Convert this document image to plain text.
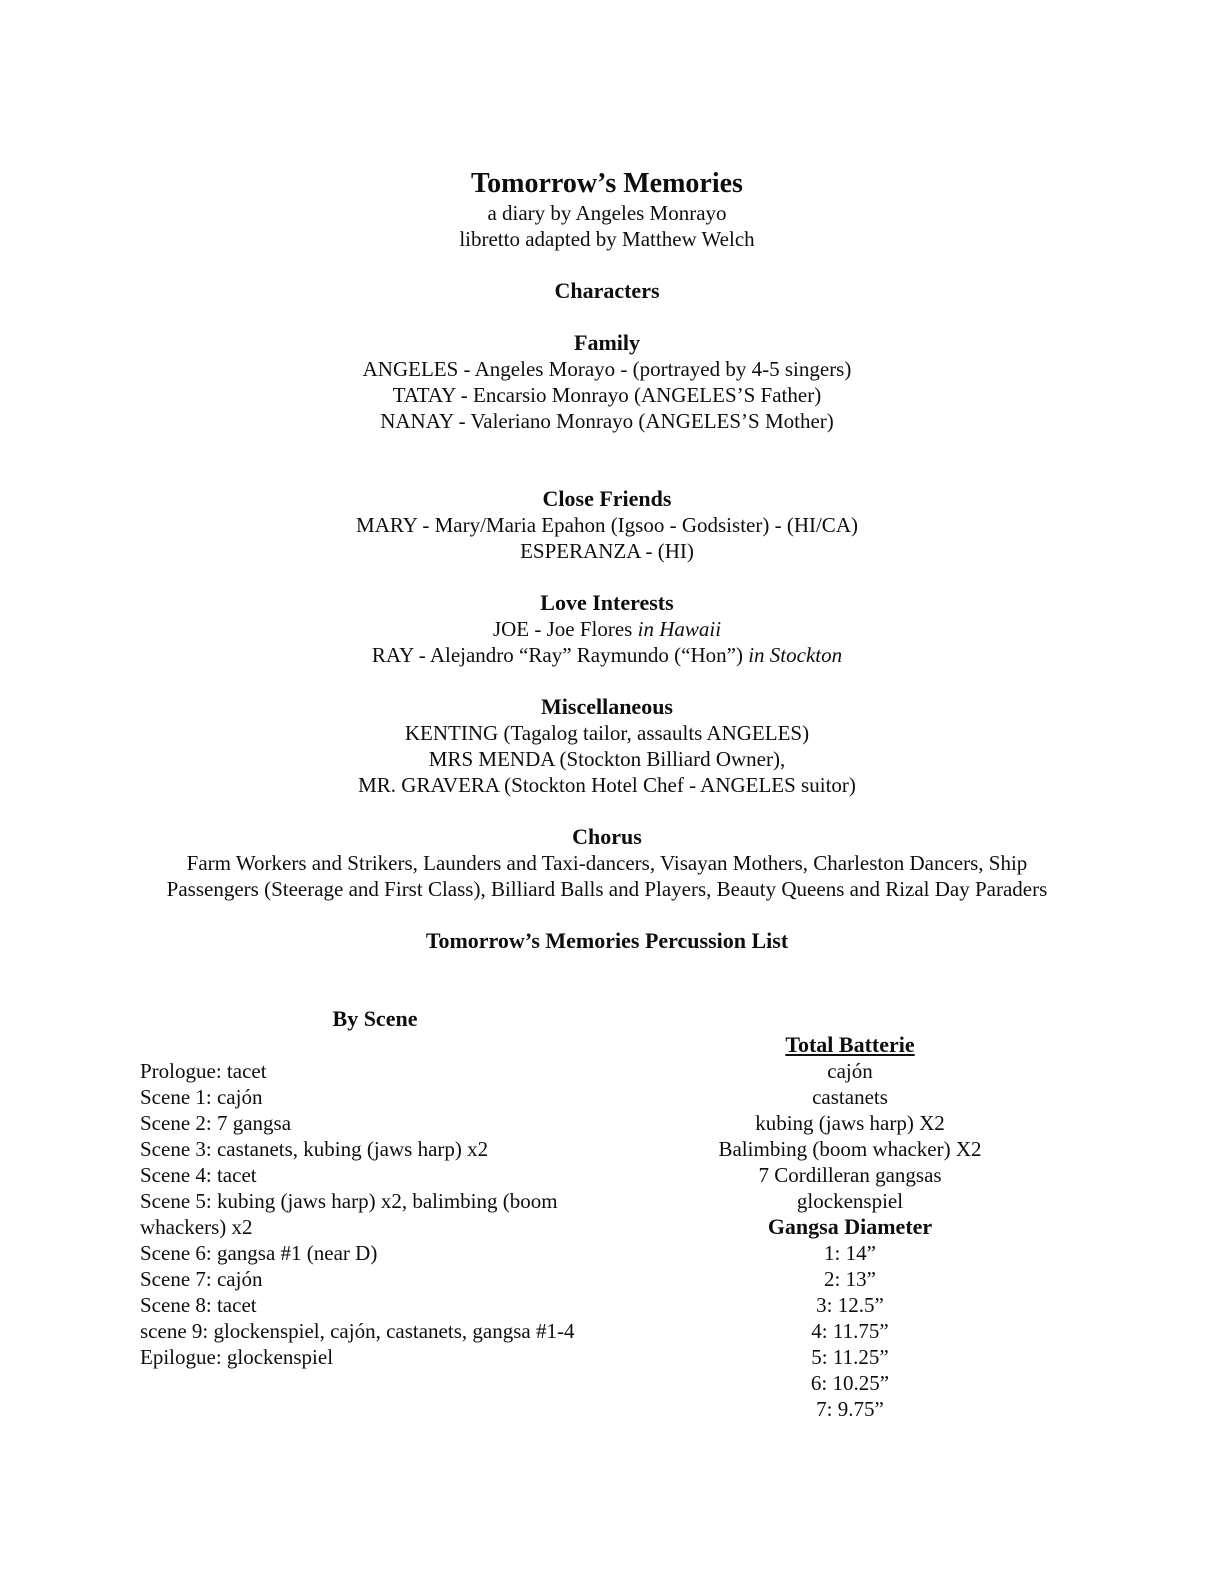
Tomorrow’s Memories
a diary by Angeles Monrayo
libretto adapted by Matthew Welch
Characters
Family
ANGELES - Angeles Morayo - (portrayed by 4-5 singers)
TATAY - Encarsio Monrayo (ANGELES’S Father)
NANAY - Valeriano Monrayo (ANGELES’S Mother)
Close Friends
MARY - Mary/Maria Epahon (Igsoo - Godsister) - (HI/CA)
ESPERANZA - (HI)
Love Interests
JOE - Joe Flores in Hawaii
RAY - Alejandro “Ray” Raymundo (“Hon”) in Stockton
Miscellaneous
KENTING (Tagalog tailor, assaults ANGELES)
MRS MENDA (Stockton Billiard Owner),
MR. GRAVERA (Stockton Hotel Chef - ANGELES suitor)
Chorus
Farm Workers and Strikers, Launders and Taxi-dancers, Visayan Mothers, Charleston Dancers, Ship
Passengers (Steerage and First Class), Billiard Balls and Players, Beauty Queens and Rizal Day Paraders
Tomorrow’s Memories Percussion List
By Scene
Prologue: tacet
Scene 1: cajón
Scene 2: 7 gangsa
Scene 3: castanets, kubing (jaws harp) x2
Scene 4: tacet
Scene 5: kubing (jaws harp) x2, balimbing (boom whackers) x2
Scene 6: gangsa #1 (near D)
Scene 7: cajón
Scene 8: tacet
scene 9: glockenspiel, cajón, castanets, gangsa #1-4
Epilogue: glockenspiel
Total Batterie
cajón
castanets
kubing (jaws harp) X2
Balimbing (boom whacker) X2
7 Cordilleran gangsas
glockenspiel
Gangsa Diameter
1: 14”
2: 13”
3: 12.5”
4: 11.75”
5: 11.25”
6: 10.25”
7: 9.75”
